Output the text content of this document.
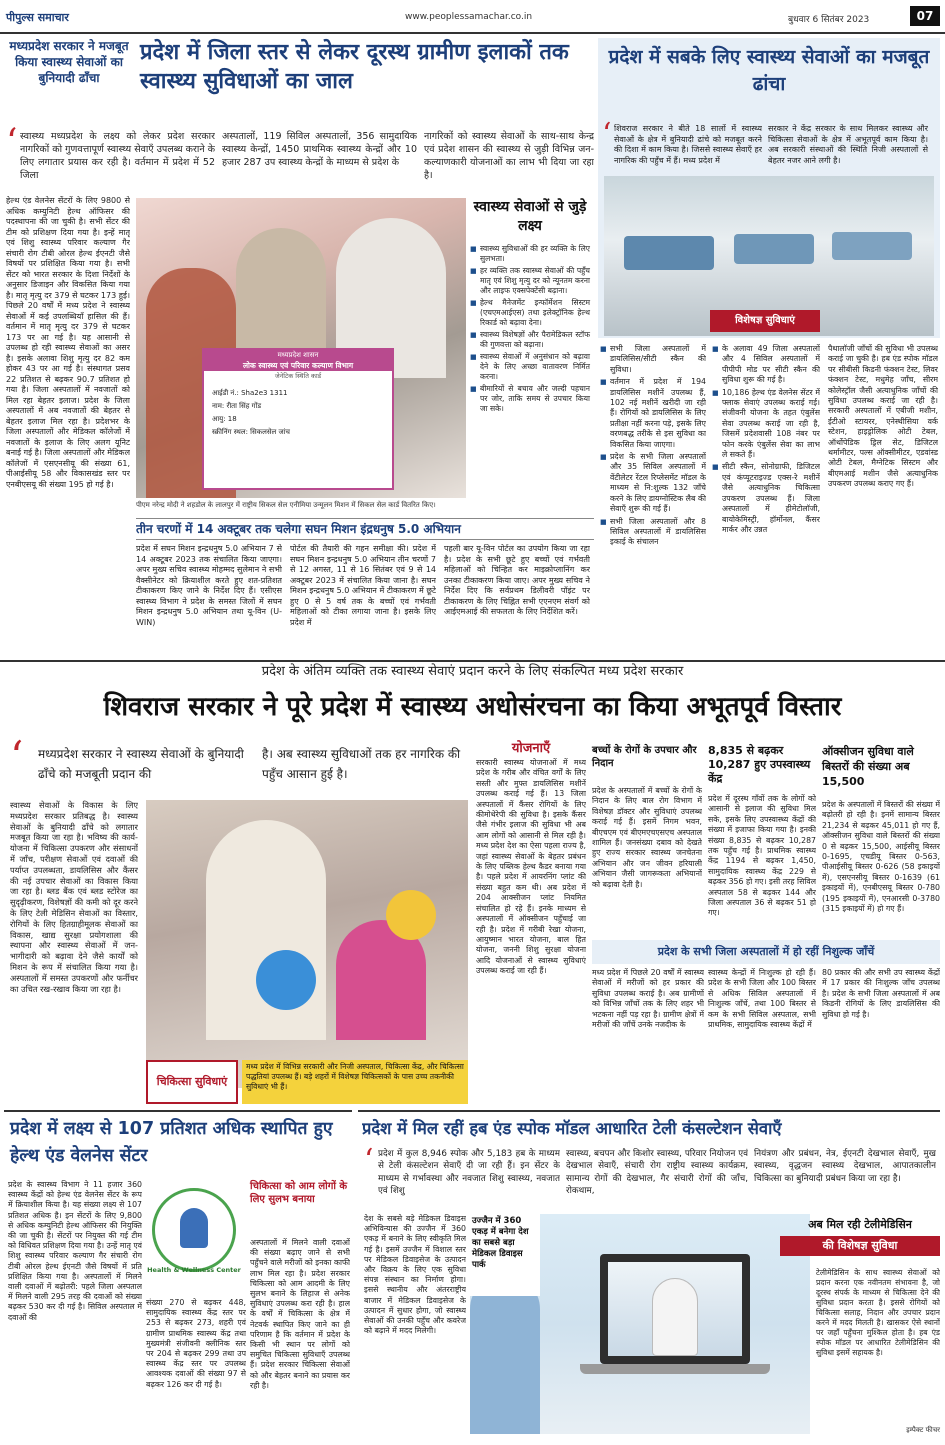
पीपुल्स समाचार	www.peoplessamachar.co.in	बुधवार 6 सितंबर 2023	07
मध्यप्रदेश सरकार ने मजबूत किया स्वास्थ्य सेवाओं का बुनियादी ढाँचा
प्रदेश में जिला स्तर से लेकर दूरस्थ ग्रामीण इलाकों तक स्वास्थ्य सुविधाओं का जाल
‘ स्वास्थ्य मध्यप्रदेश के लक्ष्य को लेकर प्रदेश सरकार नागरिकों को गुणवत्तापूर्ण स्वास्थ्य सेवाएँ उपलब्ध कराने के लिए लगातार प्रयास कर रही है। वर्तमान में प्रदेश में 52 जिला
अस्पतालों, 119 सिविल अस्पतालों, 356 सामुदायिक स्वास्थ्य केन्द्रों, 1450 प्राथमिक स्वास्थ्य केन्द्रों और 10 हजार 287 उप स्वास्थ्य केन्द्रों के माध्यम से प्रदेश के
नागरिकों को स्वास्थ्य सेवाओं के साथ-साथ केन्द्र एवं प्रदेश शासन की स्वास्थ्य से जुड़ी विभिन्न जन-कल्याणकारी योजनाओं का लाभ भी दिया जा रहा है।
हेल्थ एंड वेलनेस सेंटरों के लिए 9800 से अधिक कम्युनिटी हेल्थ ऑफिसर की पदस्थापना की जा चुकी है। सभी सेंटर की टीम को प्रशिक्षण दिया गया है। इन्हें मातृ एवं शिशु स्वास्थ्य परिवार कल्याण गैर संचारी रोग टीबी ओरल हेल्थ ईएनटी जैसे विषयों पर प्रशिक्षित किया गया है। सभी सेंटर को भारत सरकार के दिशा निर्देशों के अनुसार डिजाइन और विकसित किया गया है। मातृ मृत्यु दर 379 से घटकर 173 हुई। पिछले 20 वर्षों में मध्य प्रदेश ने स्वास्थ्य सेवाओं में कई उपलब्धियाँ हासिल की हैं। वर्तमान में मातृ मृत्यु दर 379 से घटकर 173 पर आ गई है। यह आसानी से उपलब्ध हो रही स्वास्थ्य सेवाओं का असर है। इसके अलावा शिशु मृत्यु दर 82 कम होकर 43 पर आ गई है। संस्थागत प्रसव 22 प्रतिशत से बढ़कर 90.7 प्रतिशत हो गया है। जिला अस्पतालों में नवजातों को मिल रहा बेहतर इलाज। प्रदेश के जिला अस्पतालों में अब नवजातों की बेहतर से बेहतर इलाज मिल रहा है। प्रदेशभर के जिला अस्पतालों और मेडिकल कॉलेजों में नवजातों के इलाज के लिए अलग यूनिट बनाई गई है। जिला अस्पतालों और मेडिकल कॉलेजों में एसएनसीयू की संख्या 61, पीआईसीयू 58 और विकासखंड स्तर पर एनबीएसयू की संख्या 195 हो गई है।
मध्यप्रदेश शासन
लोक स्वास्थ्य एवं परिवार कल्याण विभाग
जेनेटिक स्थिति कार्ड
आईडी नं.: Sha2e3 1311
नाम: रीता सिंह गोंड
आयु: 18
स्क्रीनिंग स्थल: सिकलसेल जांच
पीएम नरेन्द्र मोदी ने शहडोल के लालपुर में राष्ट्रीय सिकल सेल एनीमिया उन्मूलन मिशन में सिकल सेल कार्ड वितरित किए।
स्वास्थ्य सेवाओं से जुड़े लक्ष्य
■ स्वास्थ्य सुविधाओं की हर व्यक्ति के लिए सुलभता।
■ हर व्यक्ति तक स्वास्थ्य सेवाओं की पहुँच मातृ एवं शिशु मृत्यु दर को न्यूनतम करना और लाइफ एक्सपेक्टेंसी बढ़ाना।
■ हेल्थ मैनेजमेंट इन्फॉर्मेशन सिस्टम (एचएमआईएस) तथा इलेक्ट्रॉनिक हेल्थ रिकार्ड को बढ़ावा देना।
■ स्वास्थ्य विशेषज्ञों और पैरामेडिकल स्टॉफ की गुणवत्ता को बढ़ाना।
■ स्वास्थ्य सेवाओं में अनुसंधान को बढ़ावा देने के लिए अच्छा वातावरण निर्मित करना।
■ बीमारियों से बचाव और जल्दी पहचान पर जोर, ताकि समय से उपचार किया जा सके।
तीन चरणों में 14 अक्टूबर तक चलेगा सघन मिशन इंद्रधनुष 5.0 अभियान
प्रदेश में सघन मिशन इन्द्रधनुष 5.0 अभियान 7 से 14 अक्टूबर 2023 तक संचालित किया जाएगा। अपर मुख्य सचिव स्वास्थ्य मोहम्मद सुलेमान ने सभी वैक्सीनेटर को क्रियाशील करते हुए शत-प्रतिशत टीकाकरण किए जाने के निर्देश दिए हैं। एसीएस स्वास्थ्य विभाग ने प्रदेश के समस्त जिलों में सघन मिशन इन्द्रधनुष 5.0 अभियान तथा यू-विन (U-WIN)
पोर्टल की तैयारी की गहन समीक्षा की। प्रदेश में सघन मिशन इन्द्रधनुष 5.0 अभियान तीन चरणों 7 से 12 अगस्त, 11 से 16 सितंबर एवं 9 से 14 अक्टूबर 2023 में संचालित किया जाना है। सघन मिशन इन्द्रधनुष 5.0 अभियान में टीकाकरण में छूटे हुए 0 से 5 वर्ष तक के बच्चों एवं गर्भवती महिलाओं को टीका लगाया जाना है। इसके लिए प्रदेश में
पहली बार यू-विन पोर्टल का उपयोग किया जा रहा है। प्रदेश के सभी छूटे हुए बच्चों एवं गर्भवती महिलाओं को चिन्हित कर माइक्रोप्लानिंग कर उनका टीकाकरण किया जाए। अपर मुख्य सचिव ने निर्देश दिए कि सर्वप्रथम डिलीवरी पॉइंट पर टीकाकरण के लिए चिह्नित सभी एएनएम संवर्ग को आईएमआई की सफलता के लिए निर्देशित करें।
प्रदेश में सबके लिए स्वास्थ्य सेवाओं का मजबूत ढांचा
‘ शिवराज सरकार ने बीते 18 सालों में स्वास्थ्य सेवाओं के क्षेत्र में बुनियादी ढांचे को मजबूत करने की दिशा में काम किया है। जिससे स्वास्थ्य सेवाएँ हर नागरिक की पहुँच में हैं। मध्य प्रदेश में
सरकार ने केंद्र सरकार के साथ मिलकर स्वास्थ्य और चिकित्सा सेवाओं के क्षेत्र में अभूतपूर्व काम किया है। अब सरकारी संस्थाओं की स्थिति निजी अस्पतालों से बेहतर नजर आने लगी है।
विशेषज्ञ सुविधाएं
■ सभी जिला अस्पतालों में डायलिसिस/सीटी स्कैन की सुविधा।
■ वर्तमान में प्रदेश में 194 डायलिसिस मशीनें उपलब्ध हैं, 102 नई मशीनें खरीदी जा रही हैं। रोगियों को डायलिसिस के लिए प्रतीक्षा नहीं करना पड़े, इसके लिए वरणबद्ध तरीके से इस सुविधा का विकसित किया जाएगा।
■ प्रदेश के सभी जिला अस्पतालों और 35 सिविल अस्पतालों में वेंटीलेटर रेंटल रिप्लेसमेंट मॉडल के माध्यम से नि:शुल्क 132 जाँचे करने के लिए डायग्नोस्टिक लैब की सेवाएँ शुरू की गई हैं।
■ सभी जिला अस्पतालों और 8 सिविल अस्पतालों में डायलिसिस इकाई के संचालन
■ के अलावा 49 जिला अस्पतालों और 4 सिविल अस्पतालों में पीपीपी मोड पर सीटी स्कैन की सुविधा शुरू की गई है।
■ 10,186 हेल्थ एंड वेलनेस सेंटर में फ्लाक सेवाएं उपलब्ध कराई गई। संजीवनी योजना के तहत एंबुलेंस सेवा उपलब्ध कराई जा रही है, जिसमें प्रदेशवासी 108 नंबर पर फोन करके एंबुलेंस सेवा का लाभ ले सकते हैं।
■ सीटी स्कैन, सोनोग्राफी, डिजिटल एवं कंप्यूटराइज्ड एक्स-रे मशीनें जैसे अत्याधुनिक चिकित्सा उपकरण उपलब्ध हैं। जिला अस्पतालों में हीमेटोलॉजी, बायोकेमिस्ट्री, हॉर्मोनल, कैंसर मार्कर और उन्नत
पैथालॉजी जाँचों की सुविधा भी उपलब्ध कराई जा चुकी है। हब एंड स्पोक मॉडल पर सीबीसी किडनी फंक्शन टेस्ट, लिवर फंक्शन टेस्ट, मधुमेह जाँच, सीरम कोलेस्ट्रॉल जैसी अत्याधुनिक जाँचों की सुविधा उपलब्ध कराई जा रही है। सरकारी अस्पतालों में एबीजी मशीन, ईटीओ स्टायरर, एनेस्थीसिया वर्क स्टेशन, हाइड्रोलिक ओटी टेबल, ऑर्थोपेडिक ड्रिल सेट, डिजिटल थर्मामीटर, पल्स ऑक्सीमीटर, एडवांस्ड ओटी टेबल, मैग्नेटिक सिस्टम और बीएमआई मशीन जैसे अत्याधुनिक उपकरण उपलब्ध कराए गए हैं।
प्रदेश के अंतिम व्यक्ति तक स्वास्थ्य सेवाएं प्रदान करने के लिए संकल्पित मध्य प्रदेश सरकार
शिवराज सरकार ने पूरे प्रदेश में स्वास्थ्य अधोसंरचना का किया अभूतपूर्व विस्तार
‘ मध्यप्रदेश सरकार ने स्वास्थ्य सेवाओं के बुनियादी ढाँचे को मजबूती प्रदान की
है। अब स्वास्थ्य सुविधाओं तक हर नागरिक की पहुँच आसान हुई है।
स्वास्थ्य सेवाओं के विकास के लिए मध्यप्रदेश सरकार प्रतिबद्ध है। स्वास्थ्य सेवाओं के बुनियादी ढाँचे को लगातार मजबूत किया जा रहा है। भविष्य की कार्य-योजना में चिकित्सा उपकरण और संसाधनों में जाँच, परीक्षण सेवाओं एवं दवाओं की पर्याप्त उपलब्धता, डायलिसिस और कैंसर की नई उपचार सेवाओं का विकास किया जा रहा है। ब्लड बैंक एवं ब्लड स्टोरेज का सुदृढ़ीकरण, विशेषज्ञों की कमी को दूर करने के लिए टेली मेडिसिन सेवाओं का विस्तार, रोगियों के लिए हितग्राहीमूलक सेवाओं का विकास, खाद्य सुरक्षा प्रयोगशाला की स्थापना और स्वास्थ्य सेवाओं में जन-भागीदारी को बढ़ावा देने जैसे कार्यों को मिशन के रूप में संचालित किया गया है। अस्पतालों में समस्त उपकरणों और फर्नीचर का उचित रख-रखाव किया जा रहा है।
चिकित्सा सुविधाएं
मध्य प्रदेश में विभिन्न सरकारी और निजी अस्पताल, चिकित्सा केंद्र, और चिकित्सा पद्धतियां उपलब्ध हैं। बड़े शहरों में विशेषज्ञ चिकित्सकों के पास उच्च तकनीकी सुविधाएं भी हैं।
योजनाएँ
सरकारी स्वास्थ्य योजनाओं में मध्य प्रदेश के गरीब और वंचित वर्गों के लिए सस्ती और मुफ्त डायलिसिस मशीनें उपलब्ध कराई गई हैं। 13 जिला अस्पतालों में कैंसर रोगियों के लिए कीमोथेरेपी की सुविधा है। इसके कैंसर जैसे गंभीर इलाज की सुविधा भी अब आम लोगों को आसानी से मिल रही है। मध्य प्रदेश देश का ऐसा पहला राज्य है, जहां स्वास्थ्य सेवाओं के बेहतर प्रबंधन के लिए पब्लिक हेल्थ कैडर बनाया गया है। पहले प्रदेश में आयरनिंग प्लांट की संख्या बहुत कम थी। अब प्रदेश में 204 आक्सीजन प्लांट नियमित संचालित हो रहे हैं। इनके माध्यम से अस्पतालों में ऑक्सीजन पहुँचाई जा रही है। प्रदेश में गरीबी रेखा योजना, आयुष्मान भारत योजना, बाल हित योजना, जननी शिशु सुरक्षा योजना आदि योजनाओं से स्वास्थ्य सुविधाएं उपलब्ध कराई जा रही हैं।
बच्चों के रोगों के उपचार और निदान
प्रदेश के अस्पतालों में बच्चों के रोगों के निदान के लिए बाल रोग विभाग में विशेषज्ञ डॉक्टर और सुविधाएं उपलब्ध कराई गई हैं। इसमें निगम भवन, बीएचएम एवं बीएमएचएसएच अस्पताल शामिल हैं। जनसंख्या दबाव को देखते हुए राज्य सरकार स्वास्थ्य जनचेतना अभियान और जन जीवन हरियाली अभियान जैसी जागरूकता अभियानों को बढ़ावा देती है।
8,835 से बढ़कर 10,287 हुए उपस्वास्थ्य केंद्र
प्रदेश में दूरस्थ गाँवों तक के लोगों को आसानी से इलाज की सुविधा मिल सके, इसके लिए उपस्वास्थ्य केंद्रों की संख्या में इजाफा किया गया है। इनकी संख्या 8,835 से बढ़कर 10,287 तक पहुँच गई है। प्राथमिक स्वास्थ्य केंद्र 1194 से बढ़कर 1,450, सामुदायिक स्वास्थ्य केंद्र 229 से बढ़कर 356 हो गए। इसी तरह सिविल अस्पताल 58 से बढ़कर 144 और जिला अस्पताल 36 से बढ़कर 51 हो गए।
ऑक्सीजन सुविधा वाले बिस्तरों की संख्या अब 15,500
प्रदेश के अस्पतालों में बिस्तरों की संख्या में बढ़ोतरी हो रही है। इनमें सामान्य बिस्तर 21,234 से बढ़कर 45,011 हो गए हैं, ऑक्सीजन सुविधा वाले बिस्तरों की संख्या 0 से बढ़कर 15,500, आईसीयू बिस्तर 0-1695, एचडीयू बिस्तर 0-563, पीआईसीयू बिस्तर 0-626 (58 इकाइयों में), एसएनसीयू बिस्तर 0-1639 (61 इकाइयों में), एनबीएसयू बिस्तर 0-780 (195 इकाइयों में), एनआरसी 0-3780 (315 इकाइयों में) हो गए हैं।
प्रदेश के सभी जिला अस्पतालों में हो रहीं निशुल्क जाँचें
मध्य प्रदेश में पिछले 20 वर्षों में स्वास्थ्य सेवाओं में मरीजों को हर प्रकार की सुविधा उपलब्ध कराई है। अब ग्रामीणों को विभिन्न जाँचों तक के लिए शहर भी भटकना नहीं पड़ रहा है। ग्रामीण क्षेत्रों में मरीजों की जाँचें उनके नजदीक के
स्वास्थ्य केन्द्रों में निःशुल्क हो रही हैं। प्रदेश के सभी जिला और 100 बिस्तर से अधिक सिविल अस्पतालों में निःशुल्क जाँचें, तथा 100 बिस्तर से कम के सभी सिविल अस्पताल, सभी प्राथमिक, सामुदायिक स्वास्थ्य केंद्रों में
80 प्रकार की और सभी उप स्वास्थ्य केंद्रों में 17 प्रकार की निःशुल्क जाँच उपलब्ध है। प्रदेश के सभी जिला अस्पतालों में अब किडनी रोगियों के लिए डायलिसिस की सुविधा हो गई है।
प्रदेश में लक्ष्य से 107 प्रतिशत अधिक स्थापित हुए हेल्थ एंड वेलनेस सेंटर
Health & Wellness Center
प्रदेश के स्वास्थ्य विभाग ने 11 हजार 360 स्वास्थ्य केंद्रों को हेल्थ एंड वेलनेस सेंटर के रूप में क्रियाशील किया है। यह संख्या लक्ष्य से 107 प्रतिशत अधिक है। इन सेंटरों के लिए 9,800 से अधिक कम्युनिटी हेल्थ ऑफिसर की नियुक्ति की जा चुकी है। सेंटरों पर नियुक्त की गई टीम को विधिवत प्रशिक्षण दिया गया है। उन्हें मातृ एवं शिशु स्वास्थ्य परिवार कल्याण गैर संचारी रोग टीबी ओरल हेल्थ ईएनटी जैसे विषयों में प्रति प्रशिक्षित किया गया है। अस्पतालों में मिलने वाली दवाओं में बढ़ोतरी: पहले जिला अस्पताल में मिलने वाली 295 तरह की दवाओं को संख्या बढ़कर 530 कर दी गई है। सिविल अस्पताल में दवाओं की
चिकित्सा को आम लोगों के लिए सुलभ बनाया
अस्पतालों में मिलने वाली दवाओं की संख्या बढ़ाए जाने से सभी पहुँचने वाले मरीजों को इनका काफी लाभ मिल रहा है। प्रदेश सरकार चिकित्सा को आम आदमी के लिए सुलभ बनाने के लिहाज से अनेक सुविधाएं उपलब्ध करा रही है। हाल के वर्षों में चिकित्सा के क्षेत्र में नेटवर्क स्थापित किए जाने का ही परिणाम है कि वर्तमान में प्रदेश के किसी भी स्थान पर लोगों को समुचित चिकित्सा सुविधाएँ उपलब्ध हैं। प्रदेश सरकार चिकित्सा सेवाओं को और बेहतर बनाने का प्रयास कर रही है।
संख्या 270 से बढ़कर 448, सामुदायिक स्वास्थ्य केंद्र स्तर पर 253 से बढ़कर 273, शहरी एवं ग्रामीण प्राथमिक स्वास्थ्य केंद्र तथा मुख्यमंत्री संजीवनी क्लीनिक स्तर पर 204 से बढ़कर 299 तथा उप स्वास्थ्य केंद्र स्तर पर उपलब्ध आवश्यक दवाओं की संख्या 97 से बढ़कर 126 कर दी गई है।
प्रदेश में मिल रहीं हब एंड स्पोक मॉडल आधारित टेली कंसल्टेशन सेवाएँ
‘ प्रदेश में कुल 8,946 स्पोक और 5,183 हब के माध्यम से टेली कंसल्टेशन सेवाएँ दी जा रही हैं। इन सेंटर के माध्यम से गर्भावस्था और नवजात शिशु स्वास्थ्य, नवजात एवं शिशु
स्वास्थ्य, बचपन और किशोर स्वास्थ्य, परिवार नियोजन एवं देखभाल सेवाएँ, संचारी रोग राष्ट्रीय स्वास्थ्य कार्यक्रम, सामान्य रोगों की देखभाल, गैर संचारी रोगों की जाँच, रोकथाम,
नियंत्रण और प्रबंधन, नेत्र, ईएनटी देखभाल सेवाएँ, मुख स्वास्थ्य, वृद्धजन स्वास्थ्य देखभाल, आपातकालीन चिकित्सा का बुनियादी प्रबंधन किया जा रहा है।
देश के सबसे बड़े मेडिकल डिवाइस अभिविन्यास की उज्जैन में 360 एकड़ में बनाने के लिए स्वीकृति मिल गई है। इसमें उज्जैन में विशाल स्तर पर मेडिकल डिवाइसेज के उत्पादन और विक्रय के लिए एक सुविधा संपन्न संस्थान का निर्माण होगा। इससे स्थानीय और अंतरराष्ट्रीय बाजार में मेडिकल डिवाइसेज के उत्पादन में सुधार होगा, जो स्वास्थ्य सेवाओं की उनकी पहुँच और कवरेज को बढ़ाने में मदद मिलेगी।
उज्जैन में 360 एकड़ में बनेगा देश का सबसे बड़ा मेडिकल डिवाइस पार्क
अब मिल रही टेलीमेडिसिन
की विशेषज्ञ सुविधा
टेलीमेडिसिन के साथ स्वास्थ्य सेवाओं को प्रदान करना एक नवीनतम संभावना है, जो दूरस्थ संपर्क के माध्यम से चिकित्सा देने की सुविधा प्रदान करता है। इससे रोगियों को चिकित्सा सलाह, निदान और उपचार प्रदान करने में मदद मिलती है। खासकर ऐसे स्थानों पर जहाँ पहुँचना मुश्किल होता है। हब एंड स्पोक मॉडल पर आधारित टेलीमेडिसिन की सुविधा इसमें सहायक है।
इम्पैक्ट फीचर
